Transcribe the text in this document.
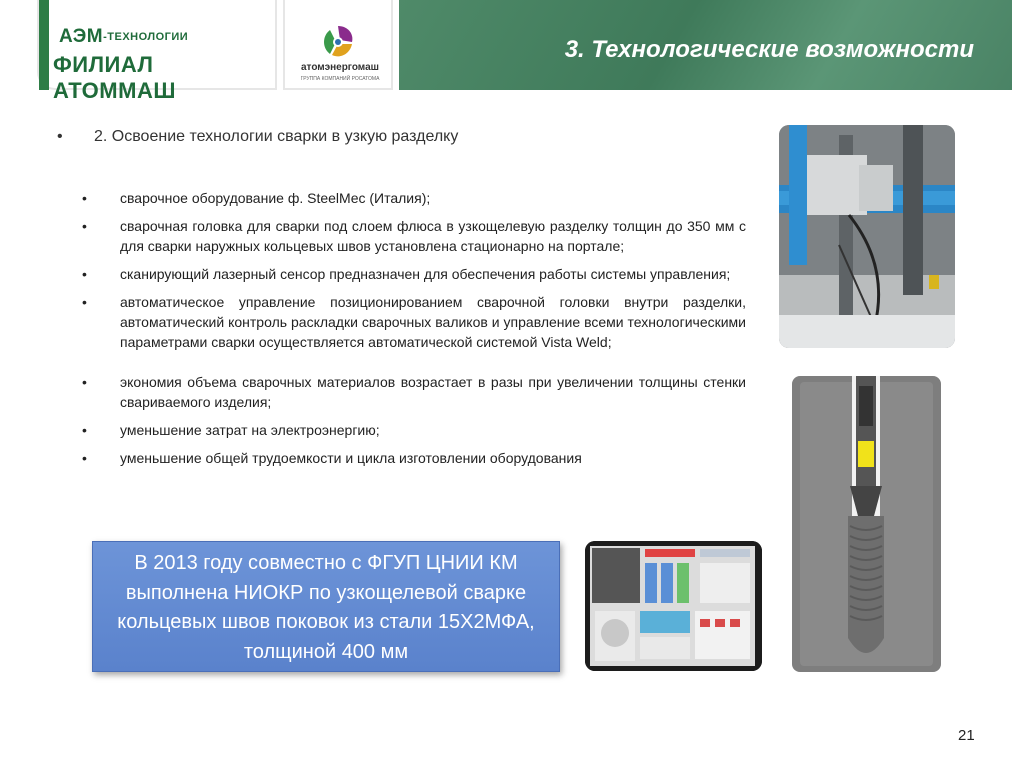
АЭМ-ТЕХНОЛОГИИ
ФИЛИАЛ АТОММАШ
атомэнергомаш
ГРУППА КОМПАНИЙ РОСАТОМА
3. Технологические возможности
• 2. Освоение технологии сварки в узкую разделку
• сварочное оборудование ф. SteelMec (Италия);
• сварочная головка для сварки под слоем флюса в узкощелевую разделку толщин до 350 мм с для сварки наружных кольцевых швов установлена стационарно на портале;
• сканирующий лазерный сенсор предназначен для обеспечения работы системы управления;
• автоматическое управление позиционированием сварочной головки внутри разделки, автоматический контроль раскладки сварочных валиков и управление всеми технологическими параметрами сварки осуществляется автоматической системой Vista Weld;
• экономия объема сварочных материалов возрастает в разы при увеличении толщины стенки свариваемого изделия;
• уменьшение затрат на электроэнергию;
• уменьшение общей трудоемкости и цикла изготовлении оборудования
В 2013 году совместно с ФГУП ЦНИИ КМ выполнена НИОКР по узкощелевой сварке кольцевых швов поковок из стали 15Х2МФА, толщиной 400 мм
21
